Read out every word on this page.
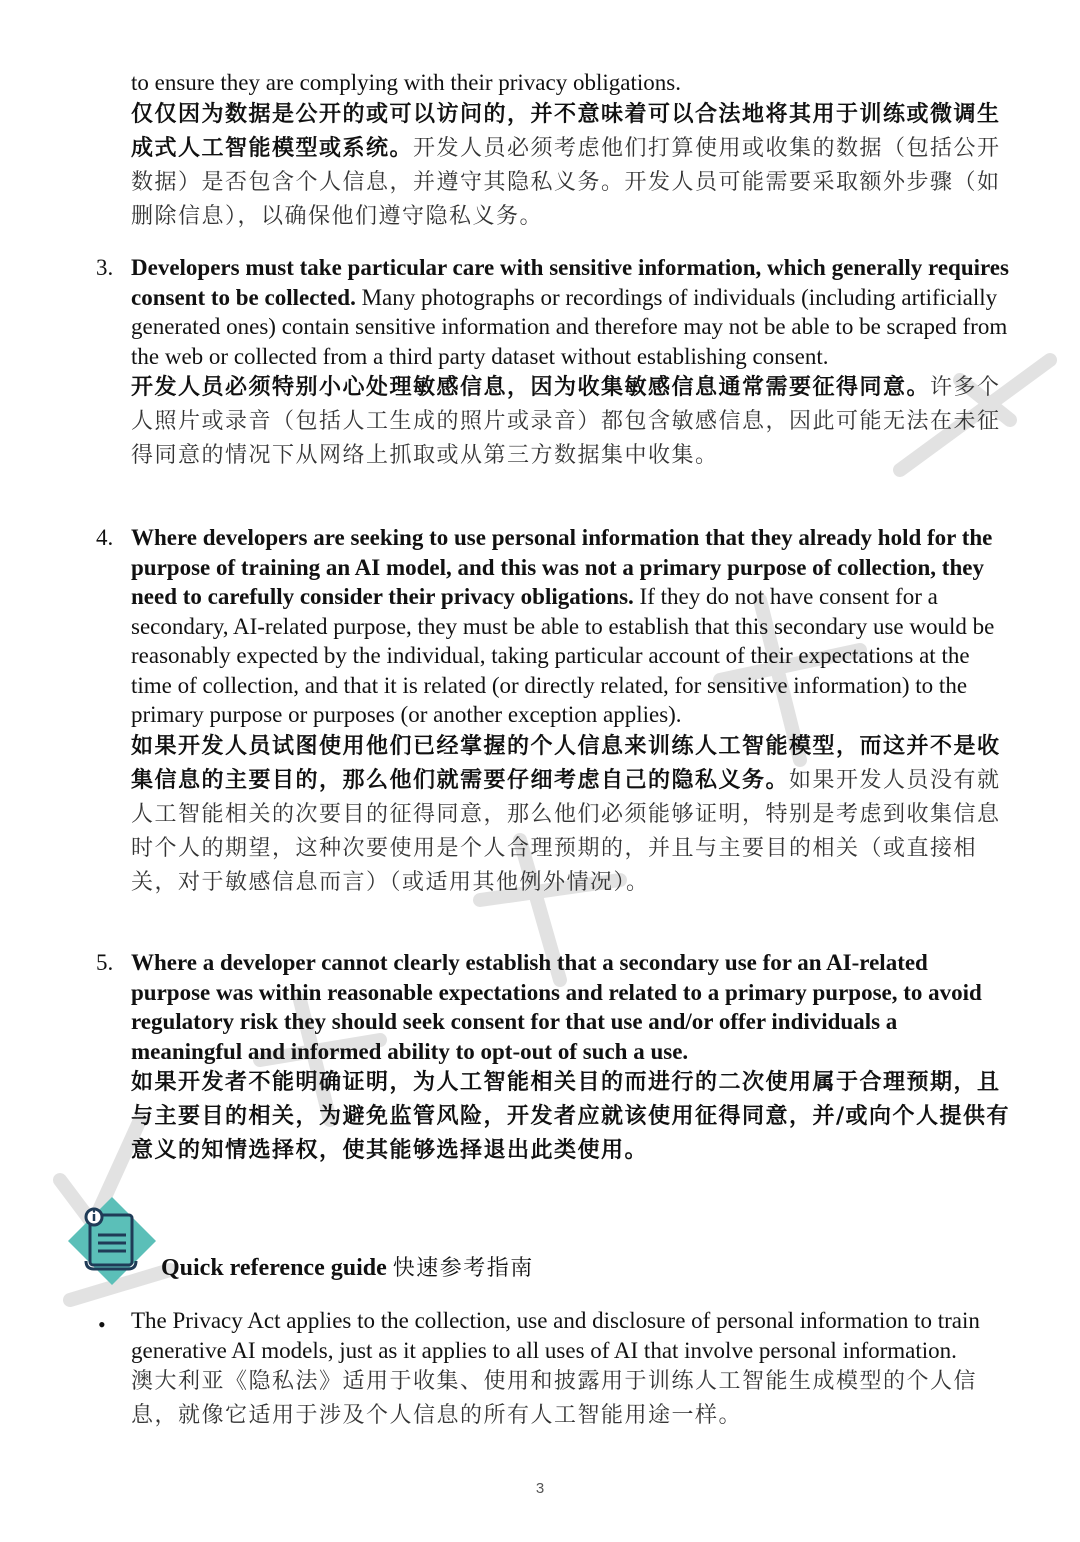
to ensure they are complying with their privacy obligations.

仅仅因为数据是公开的或可以访问的，并不意味着可以合法地将其用于训练或微调生成式人工智能模型或系统。开发人员必须考虑他们打算使用或收集的数据（包括公开数据）是否包含个人信息，并遵守其隐私义务。开发人员可能需要采取额外步骤（如删除信息），以确保他们遵守隐私义务。

3. Developers must take particular care with sensitive information, which generally requires consent to be collected. Many photographs or recordings of individuals (including artificially generated ones) contain sensitive information and therefore may not be able to be scraped from the web or collected from a third party dataset without establishing consent.

开发人员必须特别小心处理敏感信息，因为收集敏感信息通常需要征得同意。许多个人照片或录音（包括人工生成的照片或录音）都包含敏感信息，因此可能无法在未征得同意的情况下从网络上抓取或从第三方数据集中收集。

4. Where developers are seeking to use personal information that they already hold for the purpose of training an AI model, and this was not a primary purpose of collection, they need to carefully consider their privacy obligations. If they do not have consent for a secondary, AI-related purpose, they must be able to establish that this secondary use would be reasonably expected by the individual, taking particular account of their expectations at the time of collection, and that it is related (or directly related, for sensitive information) to the primary purpose or purposes (or another exception applies).

如果开发人员试图使用他们已经掌握的个人信息来训练人工智能模型，而这并不是收集信息的主要目的，那么他们就需要仔细考虑自己的隐私义务。如果开发人员没有就人工智能相关的次要目的征得同意，那么他们必须能够证明，特别是考虑到收集信息时个人的期望，这种次要使用是个人合理预期的，并且与主要目的相关（或直接相关，对于敏感信息而言）（或适用其他例外情况）。

5. Where a developer cannot clearly establish that a secondary use for an AI-related purpose was within reasonable expectations and related to a primary purpose, to avoid regulatory risk they should seek consent for that use and/or offer individuals a meaningful and informed ability to opt-out of such a use.

如果开发者不能明确证明，为人工智能相关目的而进行的二次使用属于合理预期，且与主要目的相关，为避免监管风险，开发者应就该使用征得同意，并/或向个人提供有意义的知情选择权，使其能够选择退出此类使用。

Quick reference guide 快速参考指南
• The Privacy Act applies to the collection, use and disclosure of personal information to train generative AI models, just as it applies to all uses of AI that involve personal information.

澳大利亚《隐私法》适用于收集、使用和披露用于训练人工智能生成模型的个人信息，就像它适用于涉及个人信息的所有人工智能用途一样。

3
